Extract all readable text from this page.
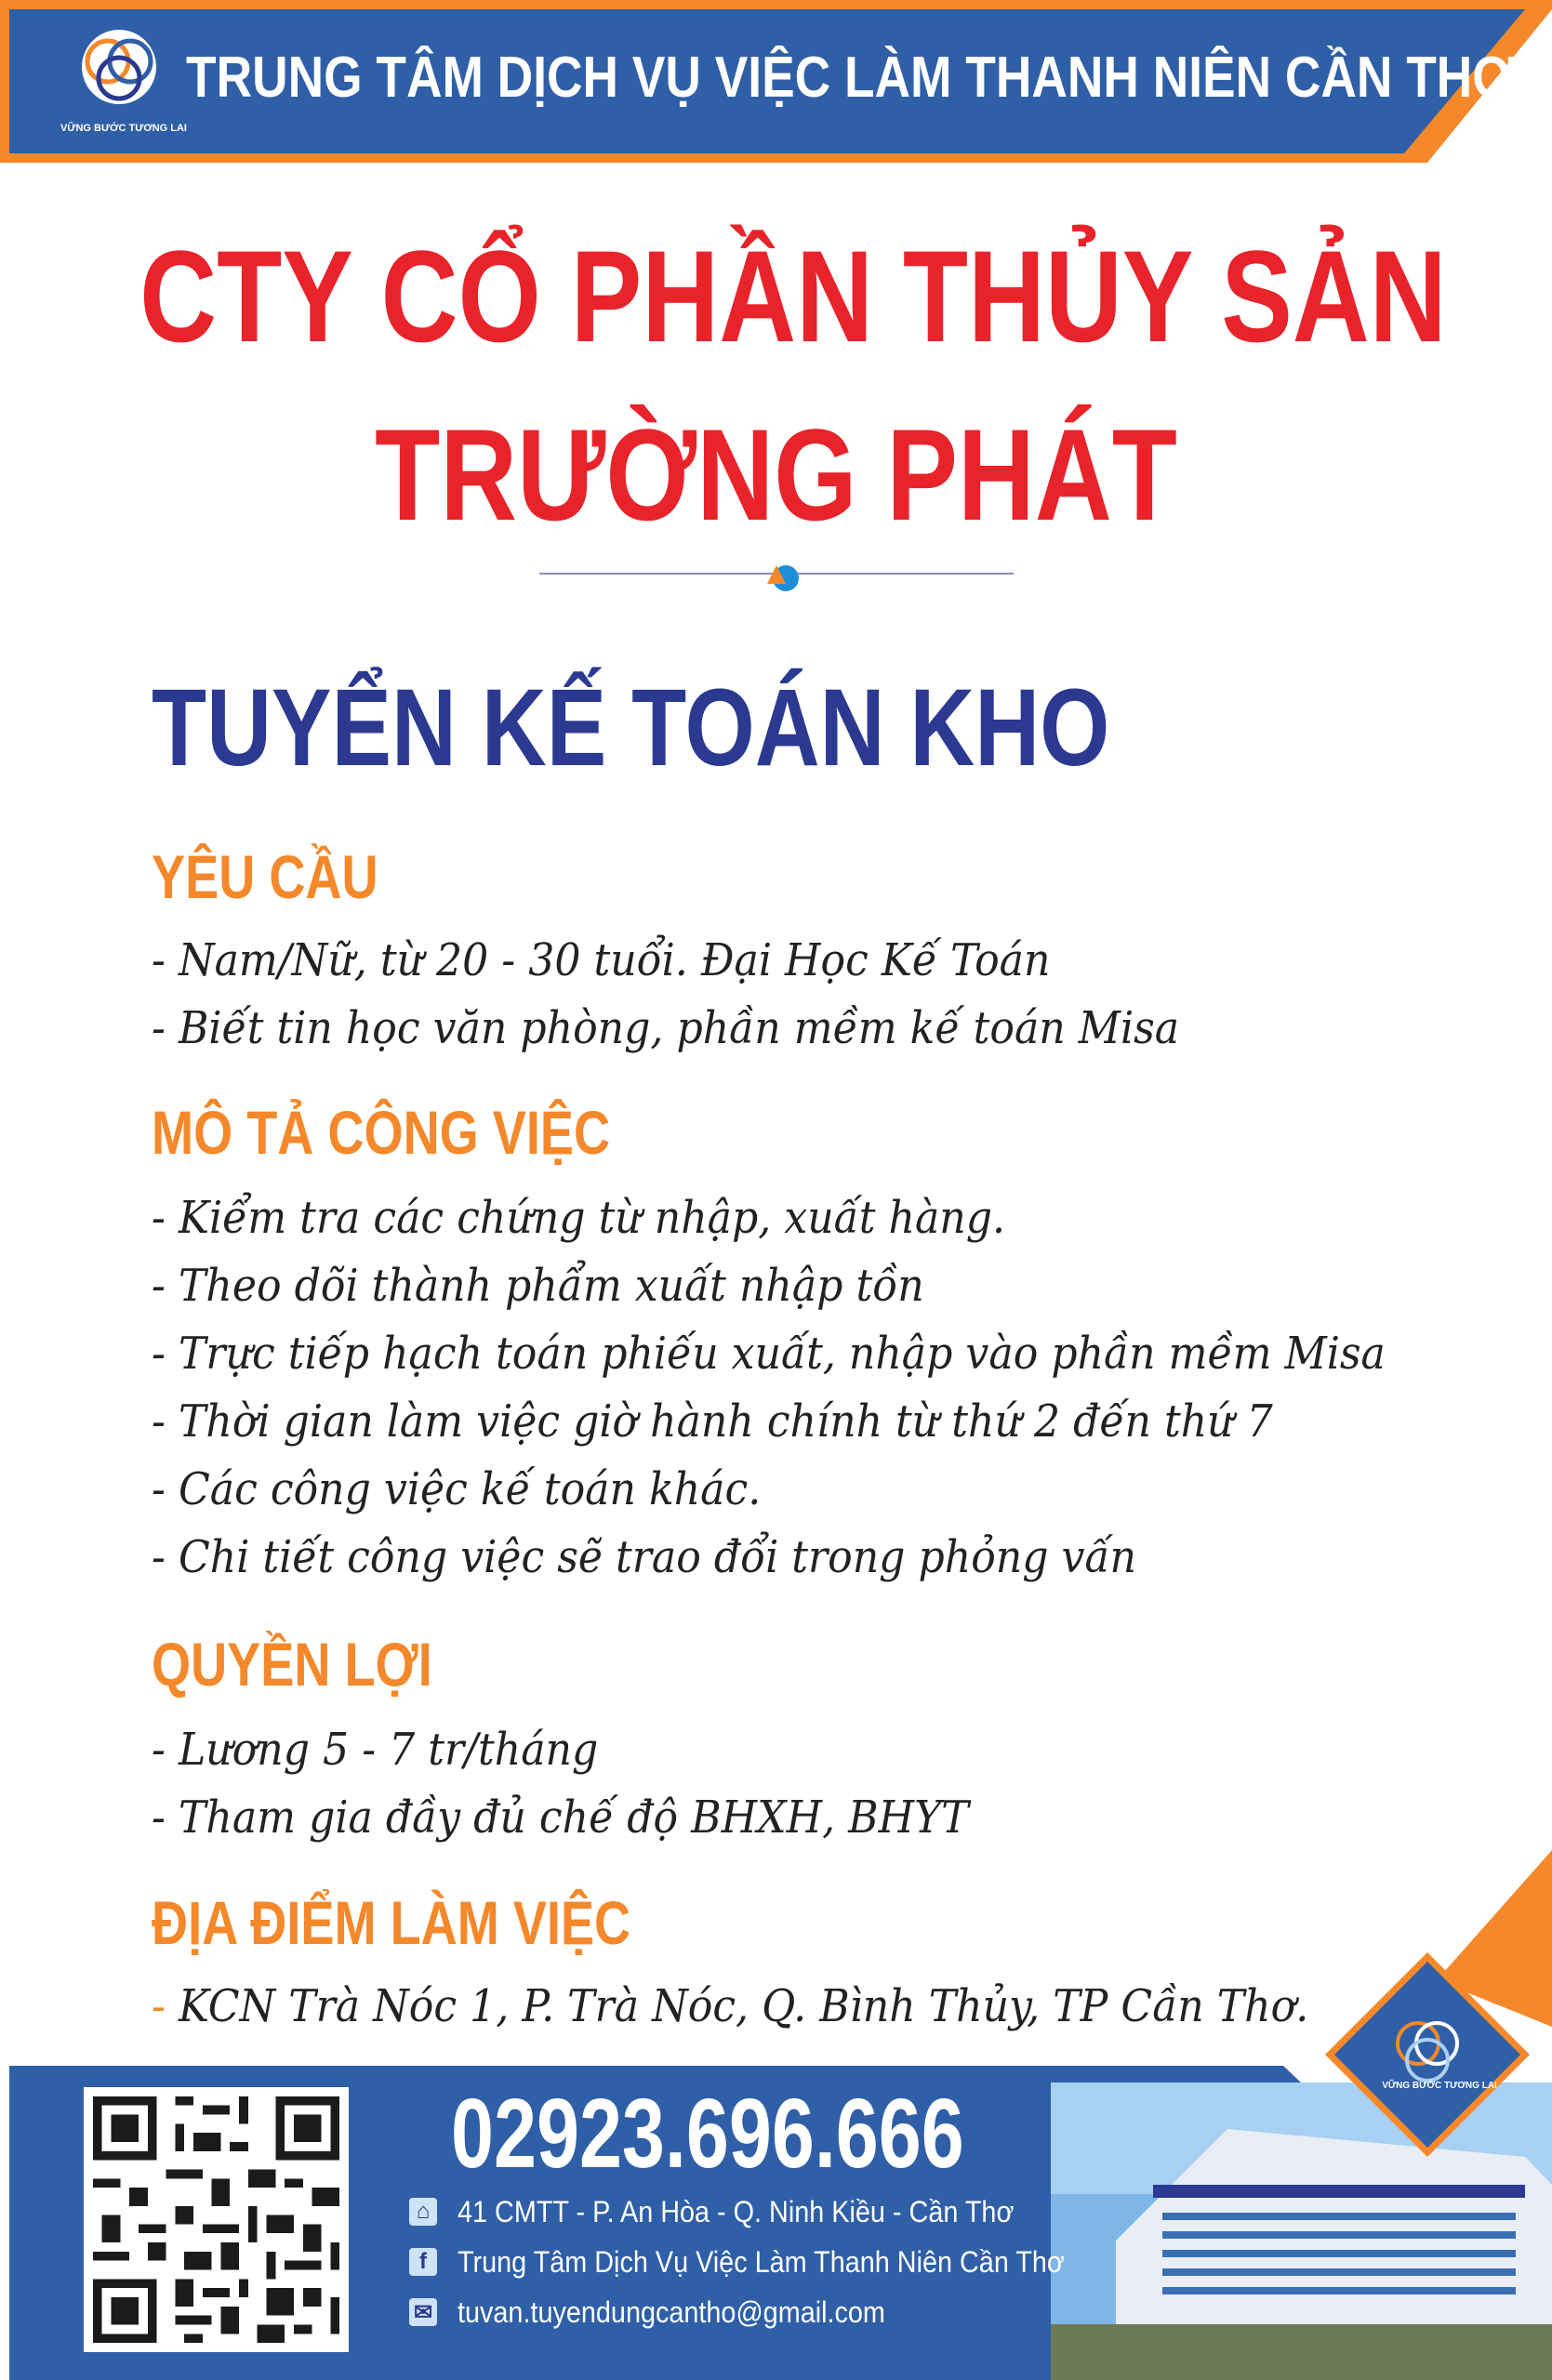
TRUNG TÂM DỊCH VỤ VIỆC LÀM THANH NIÊN CẦN THƠ
VỮNG BƯỚC TƯƠNG LAI
CTY CỔ PHẦN THỦY SẢN
TRƯỜNG PHÁT
TUYỂN KẾ TOÁN KHO
YÊU CẦU
- Nam/Nữ, từ 20 - 30 tuổi. Đại Học Kế Toán
- Biết tin học văn phòng, phần mềm kế toán Misa
MÔ TẢ CÔNG VIỆC
- Kiểm tra các chứng từ nhập, xuất hàng.
- Theo dõi thành phẩm xuất nhập tồn
- Trực tiếp hạch toán phiếu xuất, nhập vào phần mềm Misa
- Thời gian làm việc giờ hành chính từ thứ 2 đến thứ 7
- Các công việc kế toán khác.
- Chi tiết công việc sẽ trao đổi trong phỏng vấn
QUYỀN LỢI
- Lương 5 - 7 tr/tháng
- Tham gia đầy đủ chế độ BHXH, BHYT
ĐỊA ĐIỂM LÀM VIỆC
- KCN Trà Nóc 1, P. Trà Nóc, Q. Bình Thủy, TP Cần Thơ.
VỮNG BƯỚC TƯƠNG LAI
02923.696.666
⌂ 41 CMTT - P. An Hòa - Q. Ninh Kiều - Cần Thơ
f	Trung Tâm Dịch Vụ Việc Làm Thanh Niên Cần Thơ
✉ tuvan.tuyendungcantho@gmail.com
